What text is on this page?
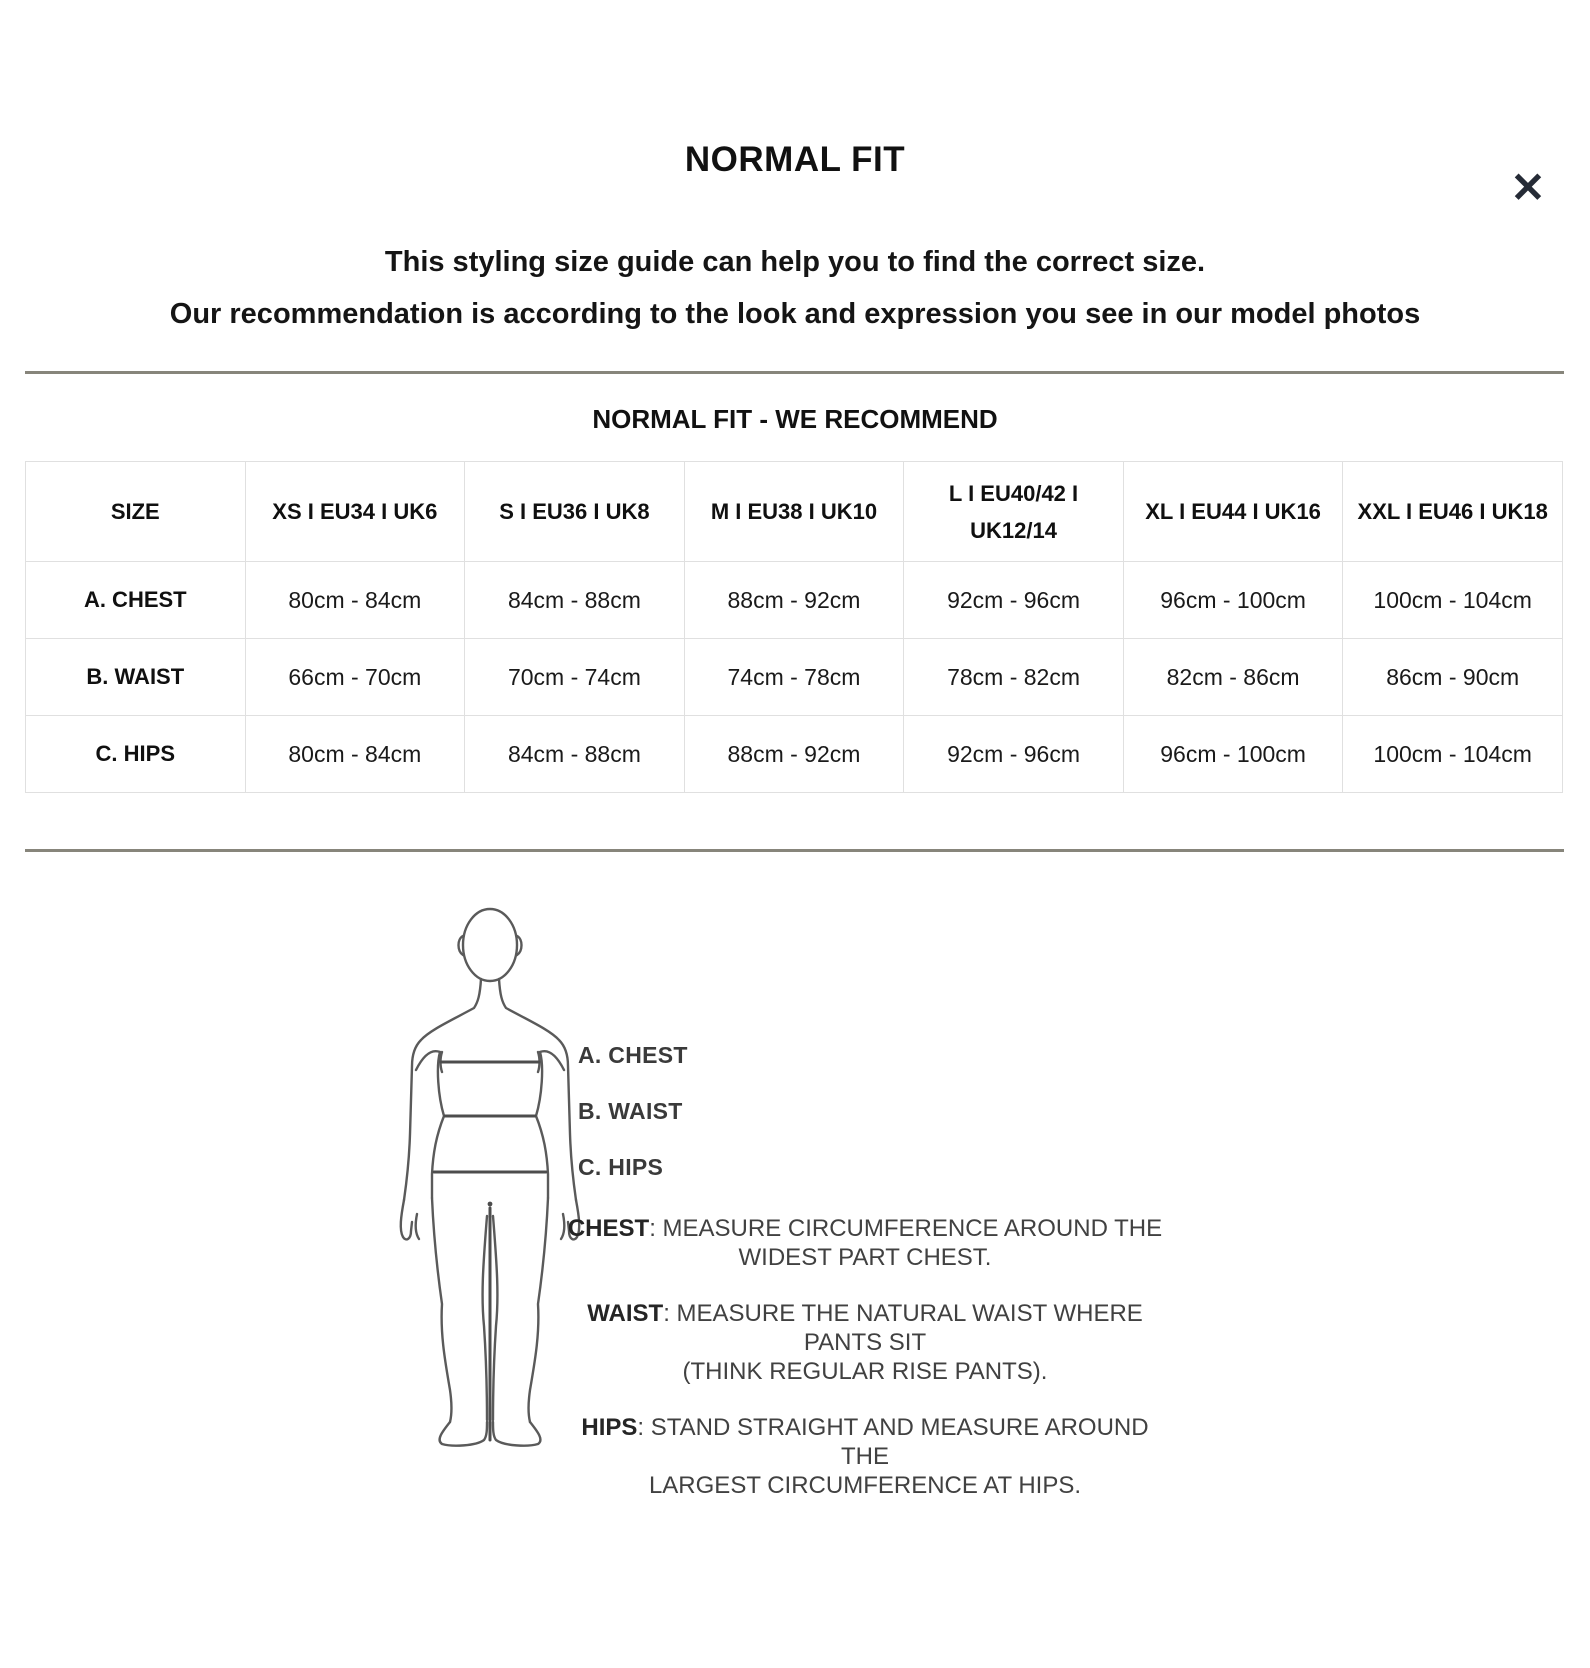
✕
NORMAL FIT
This styling size guide can help you to find the correct size.
Our recommendation is according to the look and expression you see in our model photos
NORMAL FIT - WE RECOMMEND
SIZE	XS I EU34 I UK6	S I EU36 I UK8	M I EU38 I UK10	L I EU40/42 I UK12/14	XL I EU44 I UK16	XXL I EU46 I UK18
A. CHEST	80cm - 84cm	84cm - 88cm	88cm - 92cm	92cm - 96cm	96cm - 100cm	100cm - 104cm
B. WAIST	66cm - 70cm	70cm - 74cm	74cm - 78cm	78cm - 82cm	82cm - 86cm	86cm - 90cm
C. HIPS	80cm - 84cm	84cm - 88cm	88cm - 92cm	92cm - 96cm	96cm - 100cm	100cm - 104cm
A. CHEST
B. WAIST
C. HIPS

CHEST: MEASURE CIRCUMFERENCE AROUND THE
WIDEST PART CHEST.

WAIST: MEASURE THE NATURAL WAIST WHERE PANTS SIT
(THINK REGULAR RISE PANTS).

HIPS: STAND STRAIGHT AND MEASURE AROUND THE
LARGEST CIRCUMFERENCE AT HIPS.
